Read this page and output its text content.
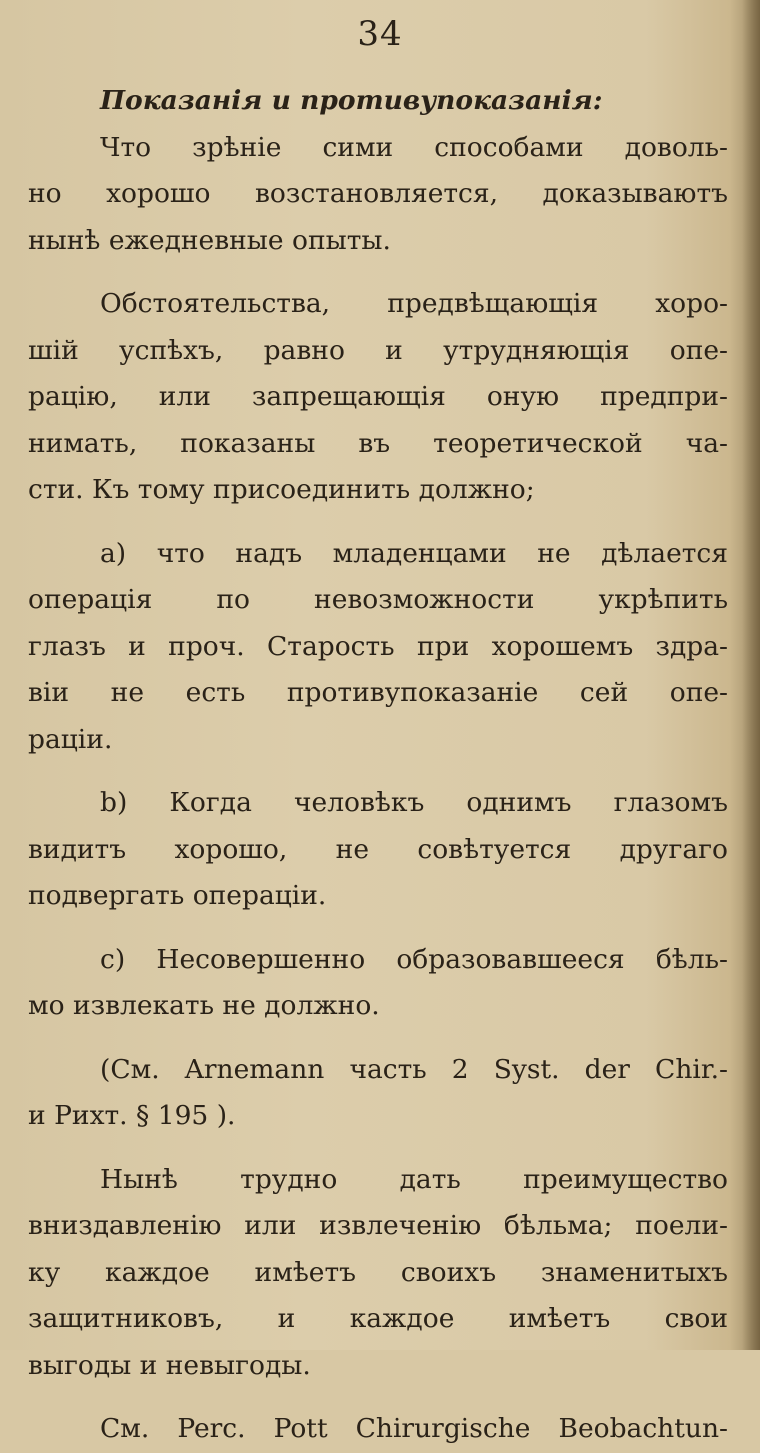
34
Показанія и противупоказанія:
Что зрѣніе сими способами доволь-
но хорошо возстановляется, доказываютъ
нынѣ ежедневные опыты.
Обстоятельства, предвѣщающія хоро-
шій успѣхъ, равно и утрудняющія опе-
рацію, или запрещающія оную предпри-
нимать, показаны въ теоретической ча-
сти. Къ тому присоединить должно;
a) что надъ младенцами не дѣлается
операція по невозможности укрѣпить
глазъ и проч. Старость при хорошемъ здра-
віи не есть противупоказаніе сей опе-
раціи.
b) Когда человѣкъ однимъ глазомъ
видитъ хорошо, не совѣтуется другаго
подвергать операціи.
c) Несовершенно образовавшееся бѣль-
мо извлекать не должно.
(См. Arnemann часть 2 Syst. der Chir.-
и Рихт. § 195 ).
Нынѣ трудно дать преимущество
вниздавленію или извлеченію бѣльма; поели-
ку каждое имѣетъ своихъ знаменитыхъ
защитниковъ, и каждое имѣетъ свои
выгоды и невыгоды.
См. Perc. Pott Chirurgische Beobachtun-
